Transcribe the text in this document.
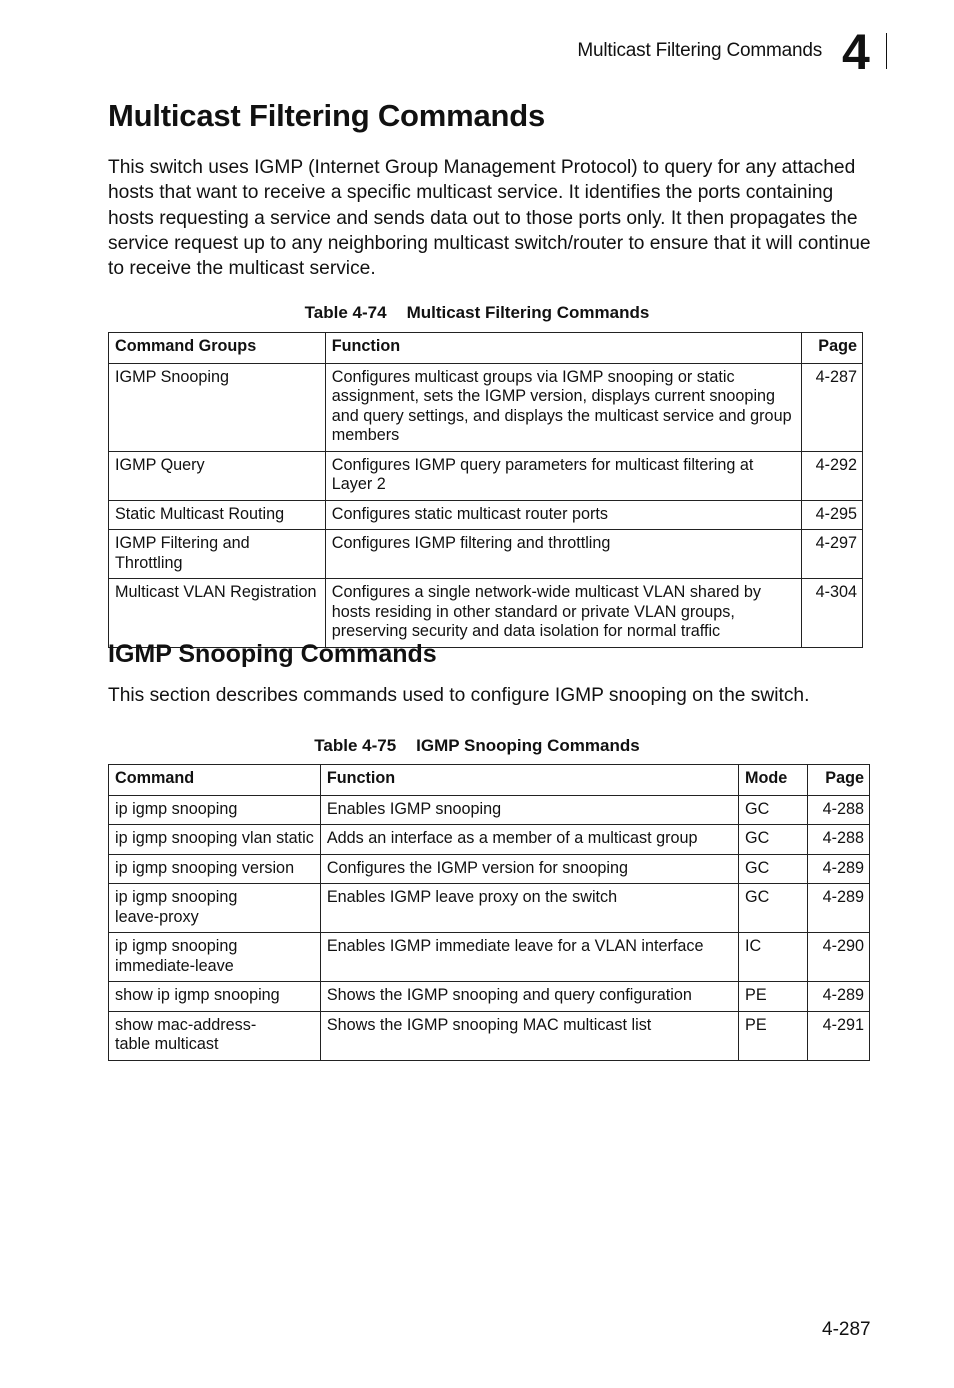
Multicast Filtering Commands 4
Multicast Filtering Commands

This switch uses IGMP (Internet Group Management Protocol) to query for any attached hosts that want to receive a specific multicast service. It identifies the ports containing hosts requesting a service and sends data out to those ports only. It then propagates the service request up to any neighboring multicast switch/router to ensure that it will continue to receive the multicast service.

Table 4-74 Multicast Filtering Commands
Command Groups	Function	Page
IGMP Snooping	Configures multicast groups via IGMP snooping or static assignment, sets the IGMP version, displays current snooping and query settings, and displays the multicast service and group members	4-287
IGMP Query	Configures IGMP query parameters for multicast filtering at Layer 2	4-292
Static Multicast Routing	Configures static multicast router ports	4-295
IGMP Filtering and Throttling	Configures IGMP filtering and throttling	4-297
Multicast VLAN Registration	Configures a single network-wide multicast VLAN shared by hosts residing in other standard or private VLAN groups, preserving security and data isolation for normal traffic	4-304
IGMP Snooping Commands

This section describes commands used to configure IGMP snooping on the switch.

Table 4-75 IGMP Snooping Commands
Command	Function	Mode	Page
ip igmp snooping	Enables IGMP snooping	GC	4-288
ip igmp snooping vlan static	Adds an interface as a member of a multicast group	GC	4-288
ip igmp snooping version	Configures the IGMP version for snooping	GC	4-289
ip igmp snooping leave-proxy	Enables IGMP leave proxy on the switch	GC	4-289
ip igmp snooping immediate-leave	Enables IGMP immediate leave for a VLAN interface	IC	4-290
show ip igmp snooping	Shows the IGMP snooping and query configuration	PE	4-289
show mac-address-table multicast	Shows the IGMP snooping MAC multicast list	PE	4-291
4-287
